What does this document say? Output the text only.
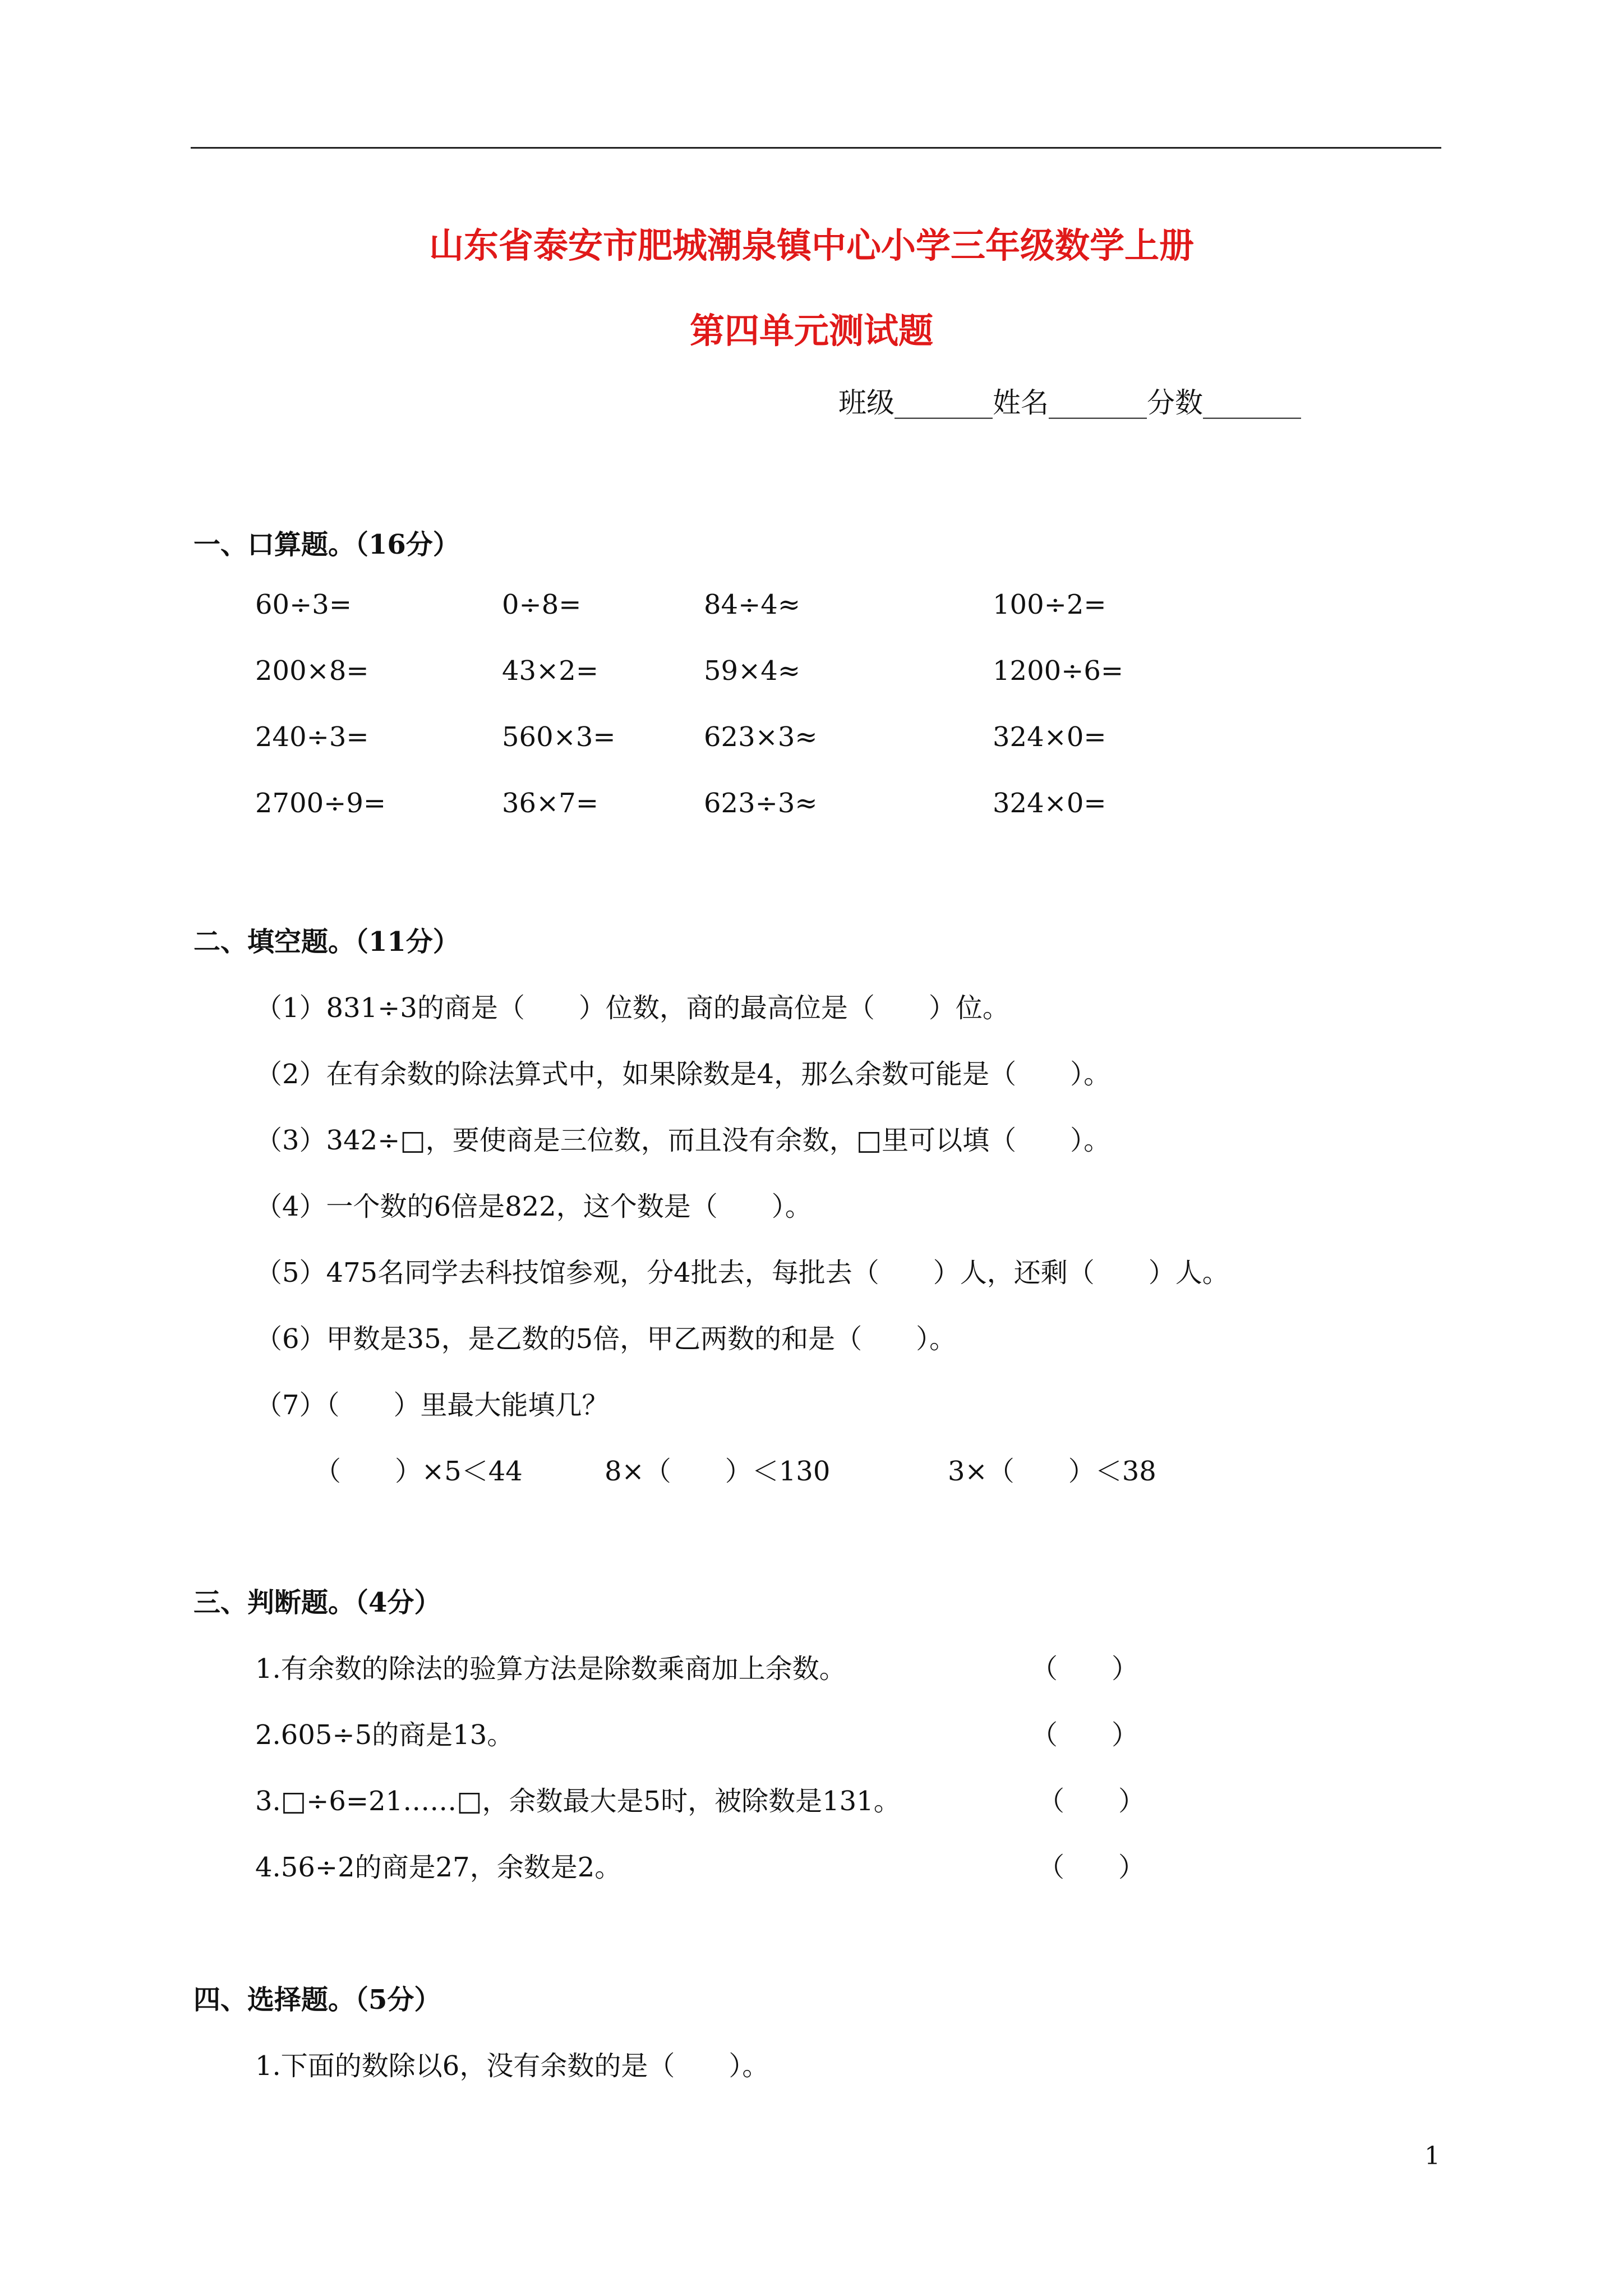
山东省泰安市肥城潮泉镇中心小学三年级数学上册
第四单元测试题
班级_______姓名_______分数_______
一、口算题。（16分）
60÷3=	0÷8=	84÷4≈	100÷2=
200×8=	43×2=	59×4≈	1200÷6=
240÷3=	560×3=	623×3≈	324×0=
2700÷9=	36×7=	623÷3≈	324×0=
二、填空题。（11分）
（1）831÷3的商是（　　）位数，商的最高位是（　　）位。
（2）在有余数的除法算式中，如果除数是4，那么余数可能是（　　）。
（3）342÷□，要使商是三位数，而且没有余数，□里可以填（　　）。
（4）一个数的6倍是822，这个数是（　　）。
（5）475名同学去科技馆参观，分4批去，每批去（　　）人，还剩（　　）人。
（6）甲数是35，是乙数的5倍，甲乙两数的和是（　　）。
（7）（　　）里最大能填几？
（　　）×5＜44	8×（　　）＜130	3×（　　）＜38
三、判断题。（4分）
1.有余数的除法的验算方法是除数乘商加上余数。	（　　）
2.605÷5的商是13。	（　　）
3.□÷6=21……□，余数最大是5时，被除数是131。	（　　）
4.56÷2的商是27，余数是2。	（　　）
四、选择题。（5分）
1.下面的数除以6，没有余数的是（　　）。
1
